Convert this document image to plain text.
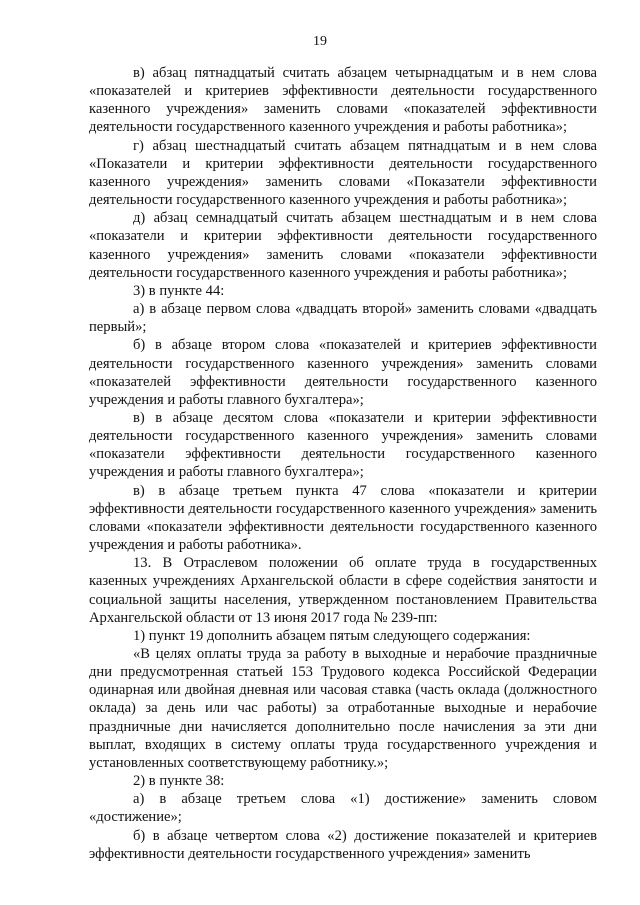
19

в) абзац пятнадцатый считать абзацем четырнадцатым и в нем слова «показателей и критериев эффективности деятельности государственного казенного учреждения» заменить словами «показателей эффективности деятельности государственного казенного учреждения и работы работника»;

г) абзац шестнадцатый считать абзацем пятнадцатым и в нем слова «Показатели и критерии эффективности деятельности государственного казенного учреждения» заменить словами «Показатели эффективности деятельности государственного казенного учреждения и работы работника»;

д) абзац семнадцатый считать абзацем шестнадцатым и в нем слова «показатели и критерии эффективности деятельности государственного казенного учреждения» заменить словами «показатели эффективности деятельности государственного казенного учреждения и работы работника»;

3) в пункте 44:

а) в абзаце первом слова «двадцать второй» заменить словами «двадцать первый»;

б) в абзаце втором слова «показателей и критериев эффективности деятельности государственного казенного учреждения» заменить словами «показателей эффективности деятельности государственного казенного учреждения и работы главного бухгалтера»;

в) в абзаце десятом слова «показатели и критерии эффективности деятельности государственного казенного учреждения» заменить словами «показатели эффективности деятельности государственного казенного учреждения и работы главного бухгалтера»;

в) в абзаце третьем пункта 47 слова «показатели и критерии эффективности деятельности государственного казенного учреждения» заменить словами «показатели эффективности деятельности государственного казенного учреждения и работы работника».

13. В Отраслевом положении об оплате труда в государственных казенных учреждениях Архангельской области в сфере содействия занятости и социальной защиты населения, утвержденном постановлением Правительства Архангельской области от 13 июня 2017 года № 239-пп:

1) пункт 19 дополнить абзацем пятым следующего содержания:

«В целях оплаты труда за работу в выходные и нерабочие праздничные дни предусмотренная статьей 153 Трудового кодекса Российской Федерации одинарная или двойная дневная или часовая ставка (часть оклада (должностного оклада) за день или час работы) за отработанные выходные и нерабочие праздничные дни начисляется дополнительно после начисления за эти дни выплат, входящих в систему оплаты труда государственного учреждения и установленных соответствующему работнику.»;

2) в пункте 38:

а) в абзаце третьем слова «1) достижение» заменить словом «достижение»;

б) в абзаце четвертом слова «2) достижение показателей и критериев эффективности деятельности государственного учреждения» заменить
